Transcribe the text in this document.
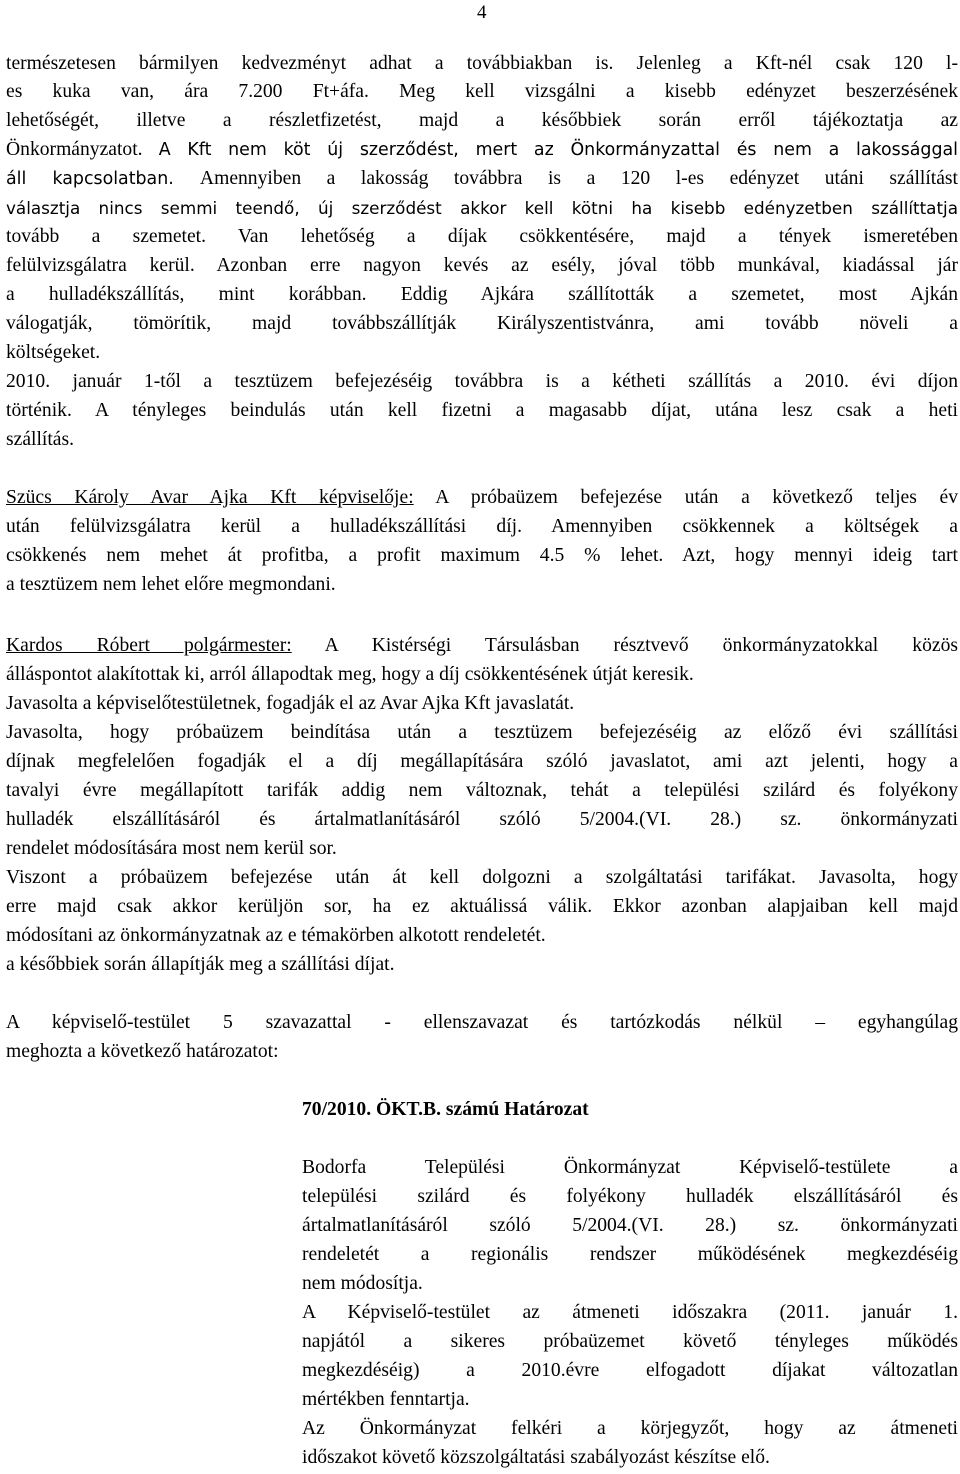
4
természetesen bármilyen kedvezményt adhat a továbbiakban is. Jelenleg a Kft-nél csak 120 l-
es kuka van, ára 7.200 Ft+áfa. Meg kell vizsgálni a kisebb edényzet beszerzésének
lehetőségét, illetve a részletfizetést, majd a későbbiek során erről tájékoztatja az
Önkormányzatot. A Kft nem köt új szerződést, mert az Önkormányzattal és nem a lakossággal
áll kapcsolatban. Amennyiben a lakosság továbbra is a 120 l-es edényzet utáni szállítást
választja nincs semmi teendő, új szerződést akkor kell kötni ha kisebb edényzetben szállíttatja
tovább a szemetet. Van lehetőség a díjak csökkentésére, majd a tények ismeretében
felülvizsgálatra kerül. Azonban erre nagyon kevés az esély, jóval több munkával, kiadással jár
a hulladékszállítás, mint korábban. Eddig Ajkára szállították a szemetet, most Ajkán
válogatják, tömörítik, majd továbbszállítják Királyszentistvánra, ami tovább növeli a
költségeket.
2010. január 1-től a tesztüzem befejezéséig továbbra is a kétheti szállítás a 2010. évi díjon
történik. A tényleges beindulás után kell fizetni a magasabb díjat, utána lesz csak a heti
szállítás.
Szücs Károly Avar Ajka Kft képviselője: A próbaüzem befejezése után a következő teljes év
után felülvizsgálatra kerül a hulladékszállítási díj. Amennyiben csökkennek a költségek a
csökkenés nem mehet át profitba, a profit maximum 4.5 % lehet. Azt, hogy mennyi ideig tart
a tesztüzem nem lehet előre megmondani.
Kardos Róbert polgármester: A Kistérségi Társulásban résztvevő önkormányzatokkal közös
álláspontot alakítottak ki, arról állapodtak meg, hogy a díj csökkentésének útját keresik.
Javasolta a képviselőtestületnek, fogadják el az Avar Ajka Kft javaslatát.
Javasolta, hogy próbaüzem beindítása után a tesztüzem befejezéséig az előző évi szállítási
díjnak megfelelően fogadják el a díj megállapítására szóló javaslatot, ami azt jelenti, hogy a
tavalyi évre megállapított tarifák addig nem változnak, tehát a települési szilárd és folyékony
hulladék elszállításáról és ártalmatlanításáról szóló 5/2004.(VI. 28.) sz. önkormányzati
rendelet módosítására most nem kerül sor.
Viszont a próbaüzem befejezése után át kell dolgozni a szolgáltatási tarifákat. Javasolta, hogy
erre majd csak akkor kerüljön sor, ha ez aktuálissá válik. Ekkor azonban alapjaiban kell majd
módosítani az önkormányzatnak az e témakörben alkotott rendeletét.
a későbbiek során állapítják meg a szállítási díjat.
A képviselő-testület 5 szavazattal - ellenszavazat és tartózkodás nélkül – egyhangúlag
meghozta a következő határozatot:
70/2010. ÖKT.B. számú Határozat
Bodorfa Települési Önkormányzat Képviselő-testülete a
települési szilárd és folyékony hulladék elszállításáról és
ártalmatlanításáról szóló 5/2004.(VI. 28.) sz. önkormányzati
rendeletét a regionális rendszer működésének megkezdéséig
nem módosítja.
A Képviselő-testület az átmeneti időszakra (2011. január 1.
napjától a sikeres próbaüzemet követő tényleges működés
megkezdéséig) a 2010.évre elfogadott díjakat változatlan
mértékben fenntartja.
Az Önkormányzat felkéri a körjegyzőt, hogy az átmeneti
időszakot követő közszolgáltatási szabályozást készítse elő.
